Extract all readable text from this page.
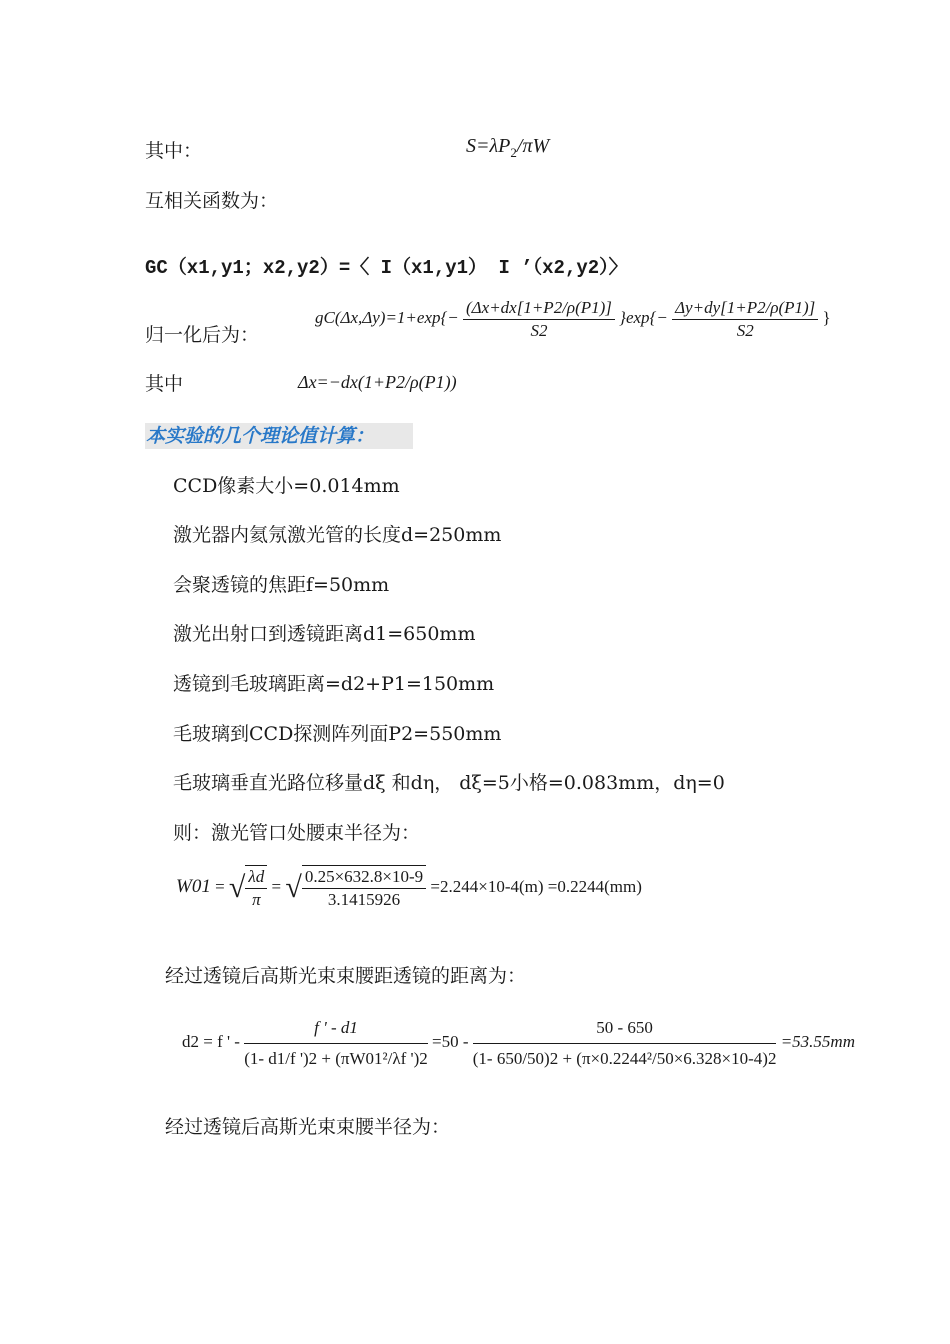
其中：	$S=\lambda P_2/\pi W$
互相关函数为：
GC（x1,y1；x2,y2）=〈 I（x1,y1） I ’（x2,y2）〉
归一化后为：
$gC(\Delta x,\Delta y)=1+\exp\{- \frac{(\Delta x+dx[1+P2/\rho(P1)]}{S2} \}\exp\{- \frac{\Delta y+dy[1+P2/\rho(P1)]}{S2}$ }
其中	Δx=−dx(1+P2/ρ(P1))
本实验的几个理论值计算：
CCD像素大小=0.014mm
激光器内氦氖激光管的长度d=250mm
会聚透镜的焦距f=50mm
激光出射口到透镜距离d1=650mm
透镜到毛玻璃距离=d2+P1=150mm
毛玻璃到CCD探测阵列面P2=550mm
毛玻璃垂直光路位移量dξ 和dη， dξ=5小格=0.083mm，dη=0
则：激光管口处腰束半径为：
W01 = √ $\frac{\lambda d}{\pi}$ = √ $\frac{0.25\times 632.8\times 10-9}{3.1415926} =2.244\times 10-4(m) =0.2244(mm)$
经过透镜后高斯光束束腰距透镜的距离为：
d2 = f ' - $\frac{f ' - d1}{\text{(1- d1/f ')2 + (πW01²/λf ')2}} =50 - \frac{50 - 650}{\text{(1- 650/50)2 + (π×0.2244²/50×6.328×10-4)2}} =53.55mm$
经过透镜后高斯光束束腰半径为：
